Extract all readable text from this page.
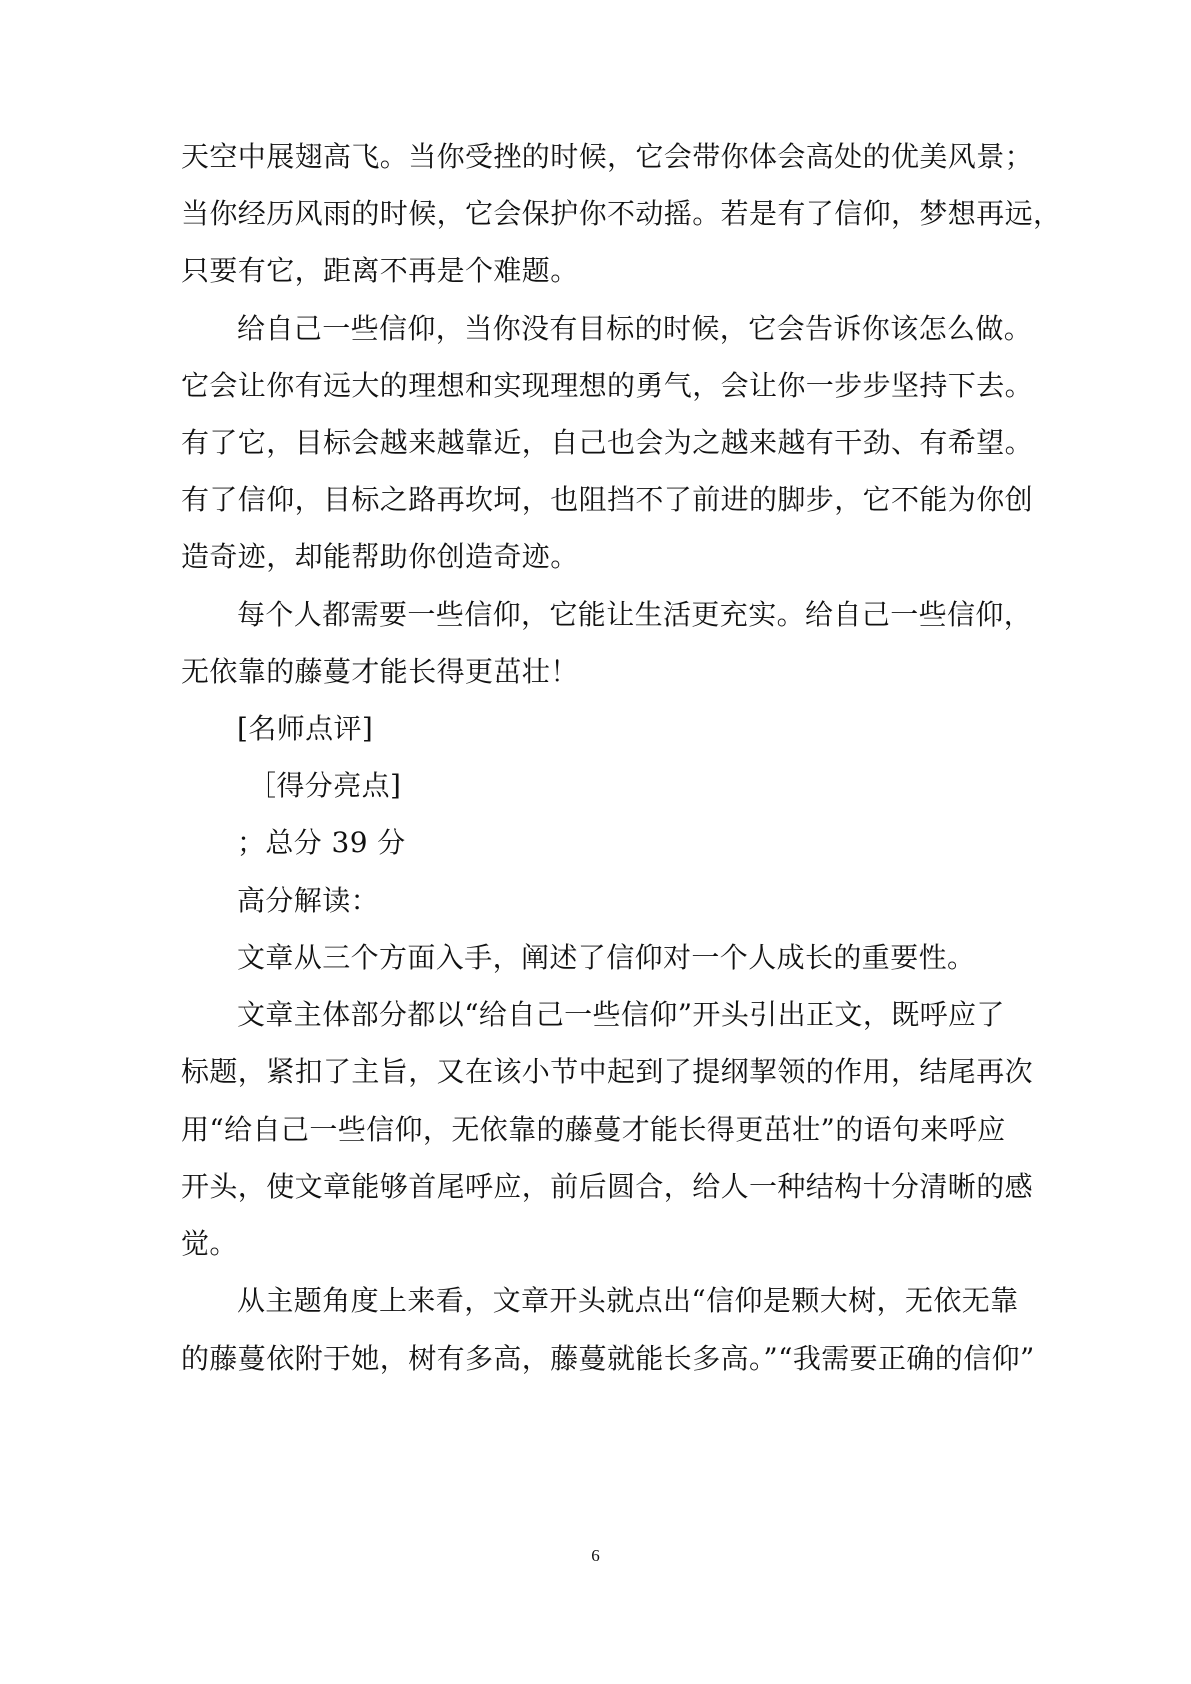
天空中展翅高飞。当你受挫的时候，它会带你体会高处的优美风景；
当你经历风雨的时候，它会保护你不动摇。若是有了信仰，梦想再远，
只要有它，距离不再是个难题。
给自己一些信仰，当你没有目标的时候，它会告诉你该怎么做。
它会让你有远大的理想和实现理想的勇气，会让你一步步坚持下去。
有了它，目标会越来越靠近，自己也会为之越来越有干劲、有希望。
有了信仰，目标之路再坎坷，也阻挡不了前进的脚步，它不能为你创
造奇迹，却能帮助你创造奇迹。
每个人都需要一些信仰，它能让生活更充实。给自己一些信仰，
无依靠的藤蔓才能长得更茁壮！
[名师点评]
［得分亮点]
；总分 39 分
高分解读：
文章从三个方面入手，阐述了信仰对一个人成长的重要性。
文章主体部分都以“给自己一些信仰”开头引出正文，既呼应了
标题，紧扣了主旨，又在该小节中起到了提纲挈领的作用，结尾再次
用“给自己一些信仰，无依靠的藤蔓才能长得更茁壮”的语句来呼应
开头，使文章能够首尾呼应，前后圆合，给人一种结构十分清晰的感
觉。
从主题角度上来看，文章开头就点出“信仰是颗大树，无依无靠
的藤蔓依附于她，树有多高，藤蔓就能长多高。”“我需要正确的信仰”
6
